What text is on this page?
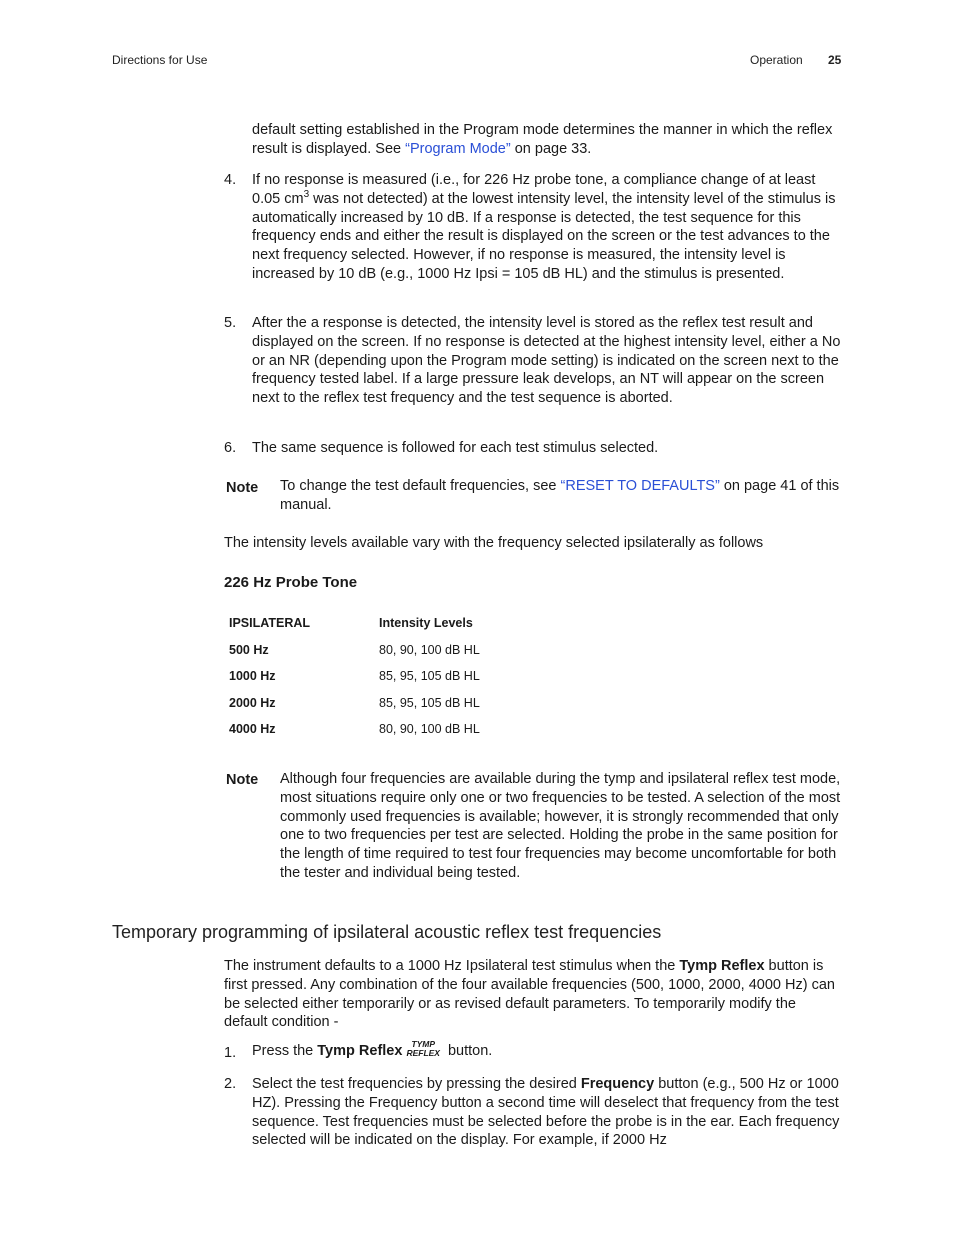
Directions for Use	Operation 25
default setting established in the Program mode determines the manner in which the reflex result is displayed. See “Program Mode” on page 33.
4. If no response is measured (i.e., for 226 Hz probe tone, a compliance change of at least 0.05 $cm^3$ was not detected) at the lowest intensity level, the intensity level of the stimulus is automatically increased by 10 dB. If a response is detected, the test sequence for this frequency ends and either the result is displayed on the screen or the test advances to the next frequency selected. However, if no response is measured, the intensity level is increased by 10 dB (e.g., 1000 Hz Ipsi = 105 dB HL) and the stimulus is presented.
5. After the a response is detected, the intensity level is stored as the reflex test result and displayed on the screen. If no response is detected at the highest intensity level, either a No or an NR (depending upon the Program mode setting) is indicated on the screen next to the frequency tested label. If a large pressure leak develops, an NT will appear on the screen next to the reflex test frequency and the test sequence is aborted.
6. The same sequence is followed for each test stimulus selected.
Note To change the test default frequencies, see “RESET TO DEFAULTS” on page 41 of this manual.
The intensity levels available vary with the frequency selected ipsilaterally as follows
226 Hz Probe Tone
IPSILATERAL	Intensity Levels
500 Hz	80, 90, 100 dB HL
1000 Hz	85, 95, 105 dB HL
2000 Hz	85, 95, 105 dB HL
4000 Hz	80, 90, 100 dB HL
Note Although four frequencies are available during the tymp and ipsilateral reflex test mode, most situations require only one or two frequencies to be tested. A selection of the most commonly used frequencies is available; however, it is strongly recommended that only one to two frequencies per test are selected. Holding the probe in the same position for the length of time required to test four frequencies may become uncomfortable for both the tester and individual being tested.
Temporary programming of ipsilateral acoustic reflex test frequencies
The instrument defaults to a 1000 Hz Ipsilateral test stimulus when the Tymp Reflex button is first pressed. Any combination of the four available frequencies (500, 1000, 2000, 4000 Hz) can be selected either temporarily or as revised default parameters. To temporarily modify the default condition -
1. Press the Tymp Reflex	TYMP
REFLEX button.
2. Select the test frequencies by pressing the desired Frequency button (e.g., 500 Hz or 1000 HZ). Pressing the Frequency button a second time will deselect that frequency from the test sequence. Test frequencies must be selected before the probe is in the ear. Each frequency selected will be indicated on the display. For example, if 2000 Hz
